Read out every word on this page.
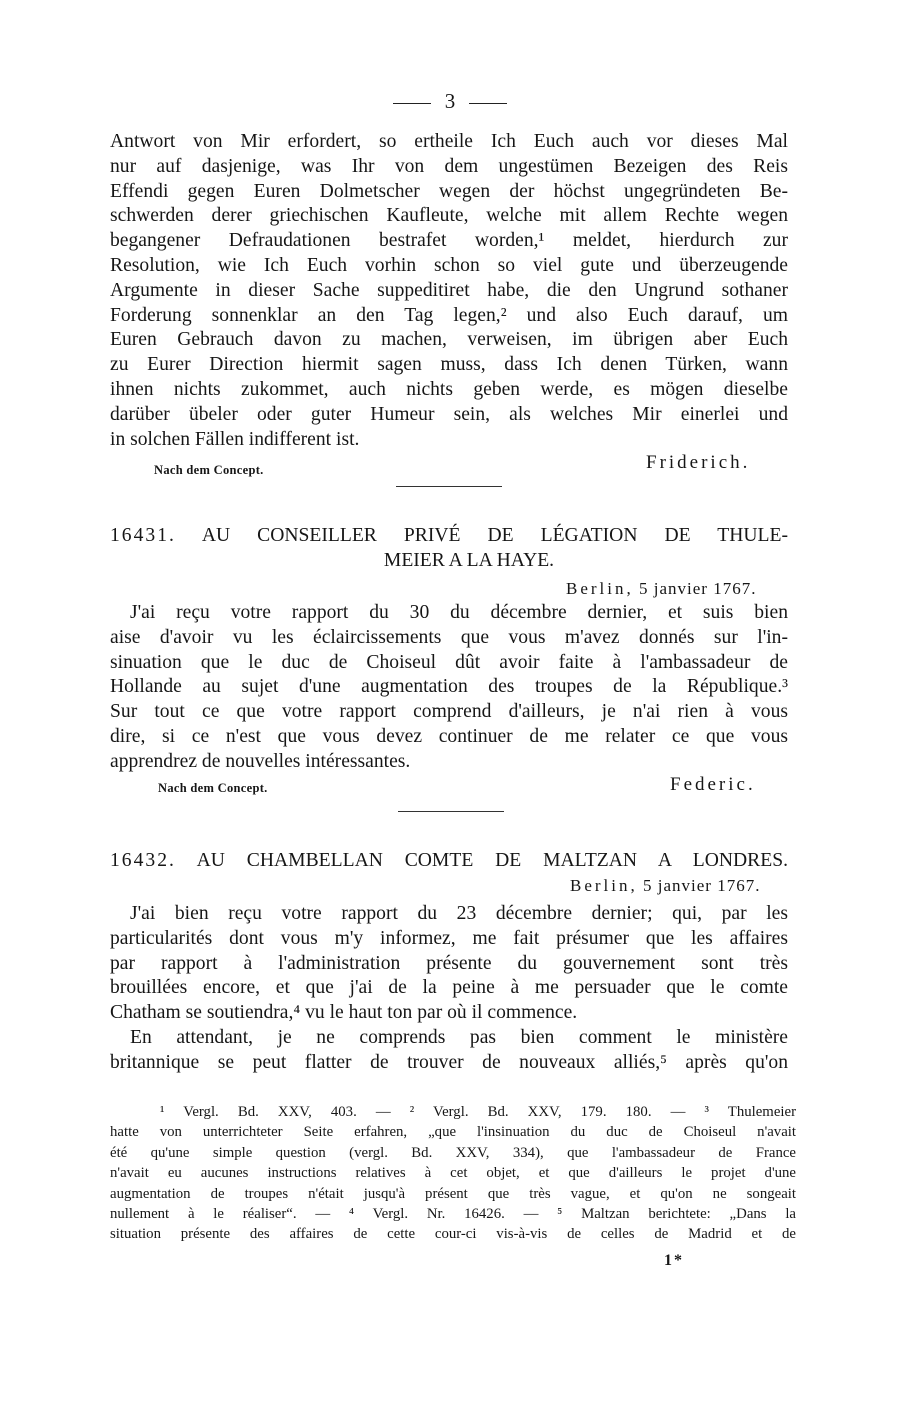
3
Antwort von Mir erfordert, so ertheile Ich Euch auch vor dieses Mal
nur auf dasjenige, was Ihr von dem ungestümen Bezeigen des Reis
Effendi gegen Euren Dolmetscher wegen der höchst ungegründeten Be-
schwerden derer griechischen Kaufleute, welche mit allem Rechte wegen
begangener Defraudationen bestrafet worden,¹ meldet, hierdurch zur
Resolution, wie Ich Euch vorhin schon so viel gute und überzeugende
Argumente in dieser Sache suppeditiret habe, die den Ungrund sothaner
Forderung sonnenklar an den Tag legen,² und also Euch darauf, um
Euren Gebrauch davon zu machen, verweisen, im übrigen aber Euch
zu Eurer Direction hiermit sagen muss, dass Ich denen Türken, wann
ihnen nichts zukommet, auch nichts geben werde, es mögen dieselbe
darüber übeler oder guter Humeur sein, als welches Mir einerlei und
in solchen Fällen indifferent ist.
Nach dem Concept.	Friderich.
16431. AU CONSEILLER PRIVÉ DE LÉGATION DE THULE-
MEIER A LA HAYE.
Berlin, 5 janvier 1767.
J'ai reçu votre rapport du 30 du décembre dernier, et suis bien
aise d'avoir vu les éclaircissements que vous m'avez donnés sur l'in-
sinuation que le duc de Choiseul dût avoir faite à l'ambassadeur de
Hollande au sujet d'une augmentation des troupes de la République.³
Sur tout ce que votre rapport comprend d'ailleurs, je n'ai rien à vous
dire, si ce n'est que vous devez continuer de me relater ce que vous
apprendrez de nouvelles intéressantes.
Nach dem Concept.	Federic.
16432. AU CHAMBELLAN COMTE DE MALTZAN A LONDRES.
Berlin, 5 janvier 1767.
J'ai bien reçu votre rapport du 23 décembre dernier; qui, par les
particularités dont vous m'y informez, me fait présumer que les affaires
par rapport à l'administration présente du gouvernement sont très
brouillées encore, et que j'ai de la peine à me persuader que le comte
Chatham se soutiendra,⁴ vu le haut ton par où il commence.
En attendant, je ne comprends pas bien comment le ministère
britannique se peut flatter de trouver de nouveaux alliés,⁵ après qu'on
¹ Vergl. Bd. XXV, 403. — ² Vergl. Bd. XXV, 179. 180. — ³ Thulemeier
hatte von unterrichteter Seite erfahren, „que l'insinuation du duc de Choiseul n'avait
été qu'une simple question (vergl. Bd. XXV, 334), que l'ambassadeur de France
n'avait eu aucunes instructions relatives à cet objet, et que d'ailleurs le projet d'une
augmentation de troupes n'était jusqu'à présent que très vague, et qu'on ne songeait
nullement à le réaliser“. — ⁴ Vergl. Nr. 16426. — ⁵ Maltzan berichtete: „Dans la
situation présente des affaires de cette cour-ci vis-à-vis de celles de Madrid et de
1*
